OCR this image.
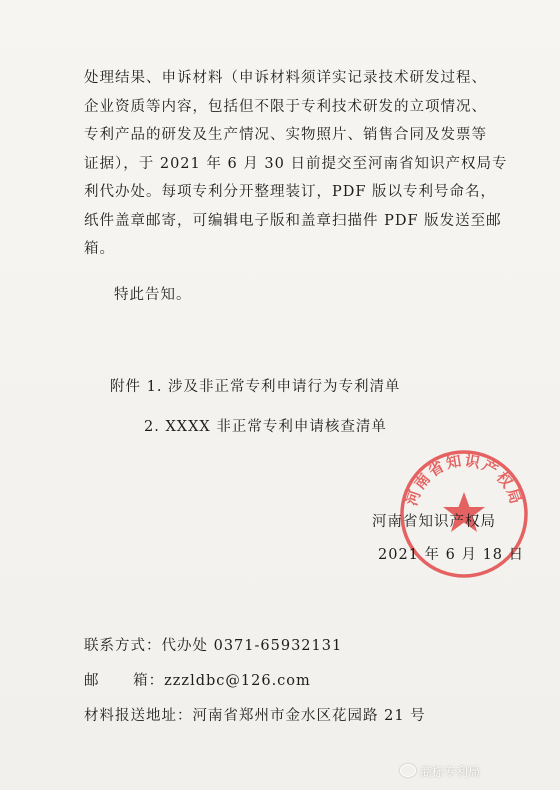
处理结果、申诉材料（申诉材料须详实记录技术研发过程、
企业资质等内容，包括但不限于专利技术研发的立项情况、
专利产品的研发及生产情况、实物照片、销售合同及发票等
证据），于 2021 年 6 月 30 日前提交至河南省知识产权局专
利代办处。每项专利分开整理装订，PDF 版以专利号命名，
纸件盖章邮寄，可编辑电子版和盖章扫描件 PDF 版发送至邮
箱。
特此告知。
附件 1. 涉及非正常专利申请行为专利清单
2. XXXX 非正常专利申请核查清单
河南省知识产权局
河南省知识产权局
2021 年 6 月 18 日
联系方式：代办处 0371-65932131
邮      箱：zzzldbc@126.com
材料报送地址：河南省郑州市金水区花园路 21 号
商标专利局
